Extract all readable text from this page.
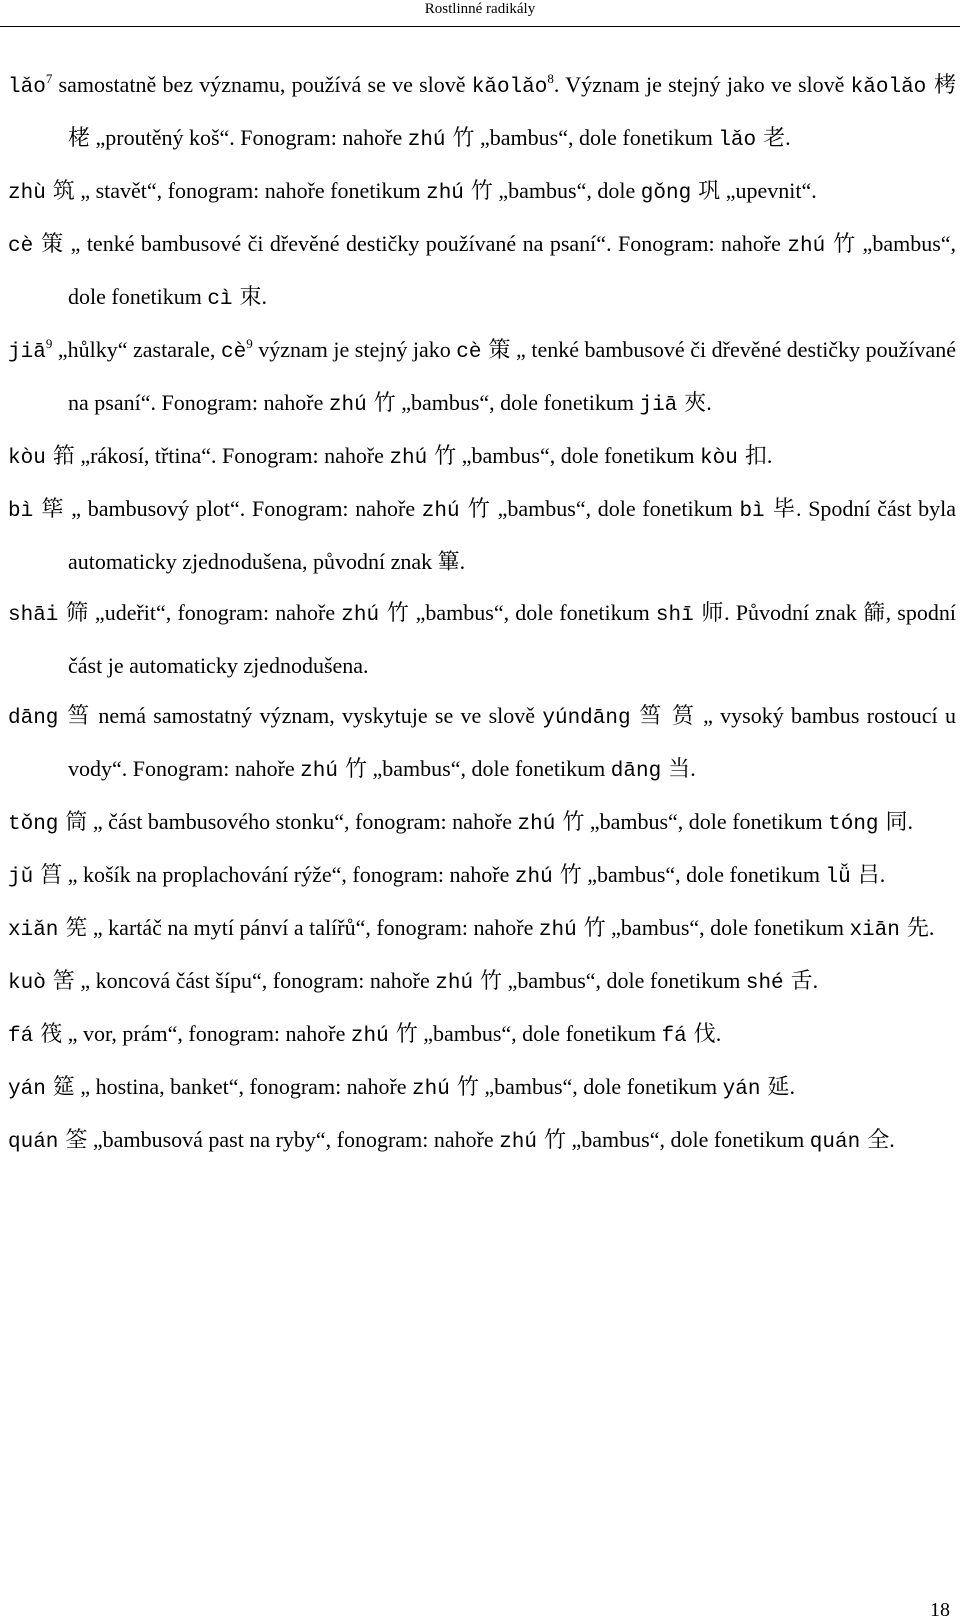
Rostlinné radikály

lǎo$^7$ samostatně bez významu, používá se ve slově kǎolǎo$^8$. Význam je stejný jako ve slově kǎolǎo 栲栳 „proutěný koš“. Fonogram: nahoře zhú 竹 „bambus“, dole fonetikum lǎo 老.

zhù 筑 „ stavět“, fonogram: nahoře fonetikum zhú 竹 „bambus“, dole gǒng 巩 „upevnit“.

cè 策 „ tenké bambusové či dřevěné destičky používané na psaní“. Fonogram: nahoře zhú 竹 „bambus“, dole fonetikum cì 朿.

jiā$^9$ „hůlky“ zastarale, $cè^9$ význam je stejný jako cè 策 „ tenké bambusové či dřevěné destičky používané na psaní“. Fonogram: nahoře zhú 竹 „bambus“, dole fonetikum jiā 夾.

kòu 筘 „rákosí, třtina“. Fonogram: nahoře zhú 竹 „bambus“, dole fonetikum kòu 扣.

bì 筚 „ bambusový plot“. Fonogram: nahoře zhú 竹 „bambus“, dole fonetikum bì 毕. Spodní část byla automaticky zjednodušena, původní znak 篳.

shāi 筛 „udeřit“, fonogram: nahoře zhú 竹 „bambus“, dole fonetikum shī 师. Původní znak 篩, spodní část je automaticky zjednodušena.

dāng 筜 nemá samostatný význam, vyskytuje se ve slově yúndāng 筜 筼 „ vysoký bambus rostoucí u vody“. Fonogram: nahoře zhú 竹 „bambus“, dole fonetikum dāng 当.

tǒng 筒 „ část bambusového stonku“, fonogram: nahoře zhú 竹 „bambus“, dole fonetikum tóng 同.

jǔ 筥 „ košík na proplachování rýže“, fonogram: nahoře zhú 竹 „bambus“, dole fonetikum lǚ 吕.

xiǎn 筅 „ kartáč na mytí pánví a talířů“, fonogram: nahoře zhú 竹 „bambus“, dole fonetikum xiān 先.

kuò 筈 „ koncová část šípu“, fonogram: nahoře zhú 竹 „bambus“, dole fonetikum shé 舌.

fá 筏 „ vor, prám“, fonogram: nahoře zhú 竹 „bambus“, dole fonetikum fá 伐.

yán 筵 „ hostina, banket“, fonogram: nahoře zhú 竹 „bambus“, dole fonetikum yán 延.

quán 筌 „bambusová past na ryby“, fonogram: nahoře zhú 竹 „bambus“, dole fonetikum quán 全.

18
